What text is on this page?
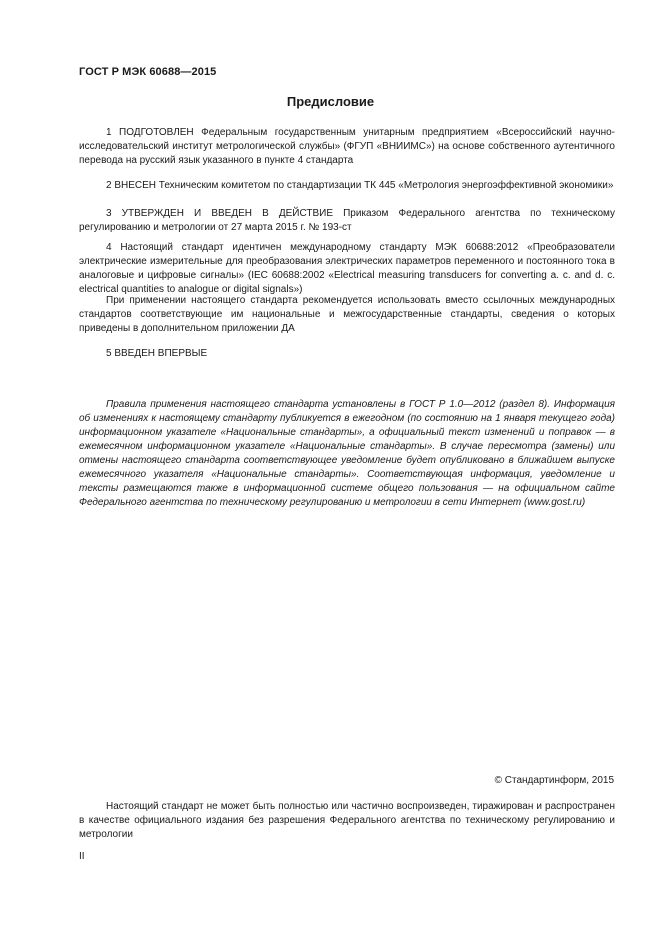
ГОСТ Р МЭК 60688—2015
Предисловие

1 ПОДГОТОВЛЕН Федеральным государственным унитарным предприятием «Всероссийский научно-исследовательский институт метрологической службы» (ФГУП «ВНИИМС») на основе собственного аутентичного перевода на русский язык указанного в пункте 4 стандарта

2 ВНЕСЕН Техническим комитетом по стандартизации ТК 445 «Метрология энергоэффективной экономики»

3 УТВЕРЖДЕН И ВВЕДЕН В ДЕЙСТВИЕ Приказом Федерального агентства по техническому регулированию и метрологии от 27 марта 2015 г. № 193-ст

4 Настоящий стандарт идентичен международному стандарту МЭК 60688:2012 «Преобразователи электрические измерительные для преобразования электрических параметров переменного и постоянного тока в аналоговые и цифровые сигналы» (IEC 60688:2002 «Electrical measuring transducers for converting a. c. and d. c. electrical quantities to analogue or digital signals»)

При применении настоящего стандарта рекомендуется использовать вместо ссылочных международных стандартов соответствующие им национальные и межгосударственные стандарты, сведения о которых приведены в дополнительном приложении ДА

5 ВВЕДЕН ВПЕРВЫЕ

Правила применения настоящего стандарта установлены в ГОСТ Р 1.0—2012 (раздел 8). Информация об изменениях к настоящему стандарту публикуется в ежегодном (по состоянию на 1 января текущего года) информационном указателе «Национальные стандарты», а официальный текст изменений и поправок — в ежемесячном информационном указателе «Национальные стандарты». В случае пересмотра (замены) или отмены настоящего стандарта соответствующее уведомление будет опубликовано в ближайшем выпуске ежемесячного указателя «Национальные стандарты». Соответствующая информация, уведомление и тексты размещаются также в информационной системе общего пользования — на официальном сайте Федерального агентства по техническому регулированию и метрологии в сети Интернет (www.gost.ru)

© Стандартинформ, 2015

Настоящий стандарт не может быть полностью или частично воспроизведен, тиражирован и распространен в качестве официального издания без разрешения Федерального агентства по техническому регулированию и метрологии

II
